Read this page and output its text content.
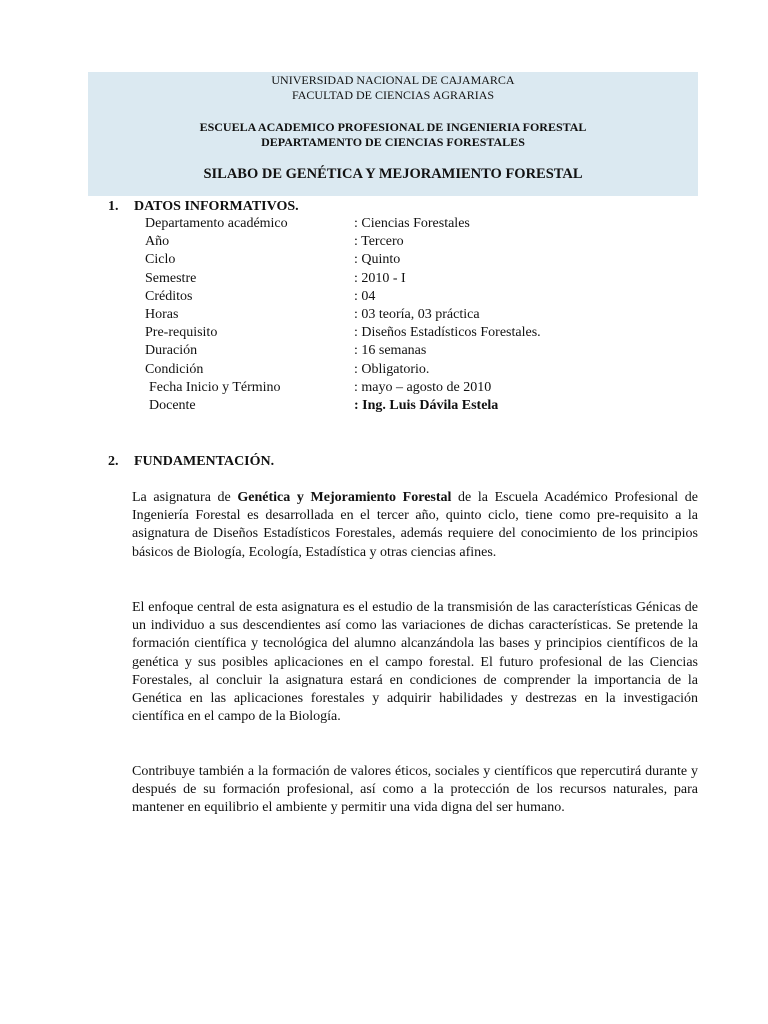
UNIVERSIDAD NACIONAL DE CAJAMARCA
FACULTAD DE CIENCIAS AGRARIAS
ESCUELA ACADEMICO PROFESIONAL DE INGENIERIA FORESTAL
DEPARTAMENTO DE CIENCIAS FORESTALES
SILABO DE GENÉTICA Y MEJORAMIENTO FORESTAL
1. DATOS INFORMATIVOS.
Departamento académico	: Ciencias Forestales
Año	: Tercero
Ciclo	: Quinto
Semestre	: 2010 - I
Créditos	: 04
Horas	: 03 teoría, 03 práctica
Pre-requisito	: Diseños Estadísticos Forestales.
Duración	: 16 semanas
Condición	: Obligatorio.
Fecha Inicio y Término	: mayo – agosto de 2010
Docente	: Ing. Luis Dávila Estela
2. FUNDAMENTACIÓN.
La asignatura de Genética y Mejoramiento Forestal de la Escuela Académico Profesional de Ingeniería Forestal es desarrollada en el tercer año, quinto ciclo, tiene como pre-requisito a la asignatura de Diseños Estadísticos Forestales, además requiere del conocimiento de los principios básicos de Biología, Ecología, Estadística y otras ciencias afines.
El enfoque central de esta asignatura es el estudio de la transmisión de las características Génicas de un individuo a sus descendientes así como las variaciones de dichas características. Se pretende la formación científica y tecnológica del alumno alcanzándola las bases y principios científicos de la genética y sus posibles aplicaciones en el campo forestal. El futuro profesional de las Ciencias Forestales, al concluir la asignatura estará en condiciones de comprender la importancia de la Genética en las aplicaciones forestales y adquirir habilidades y destrezas en la investigación científica en el campo de la Biología.
Contribuye también a la formación de valores éticos, sociales y científicos que repercutirá durante y después de su formación profesional, así como a la protección de los recursos naturales, para mantener en equilibrio el ambiente y permitir una vida digna del ser humano.
